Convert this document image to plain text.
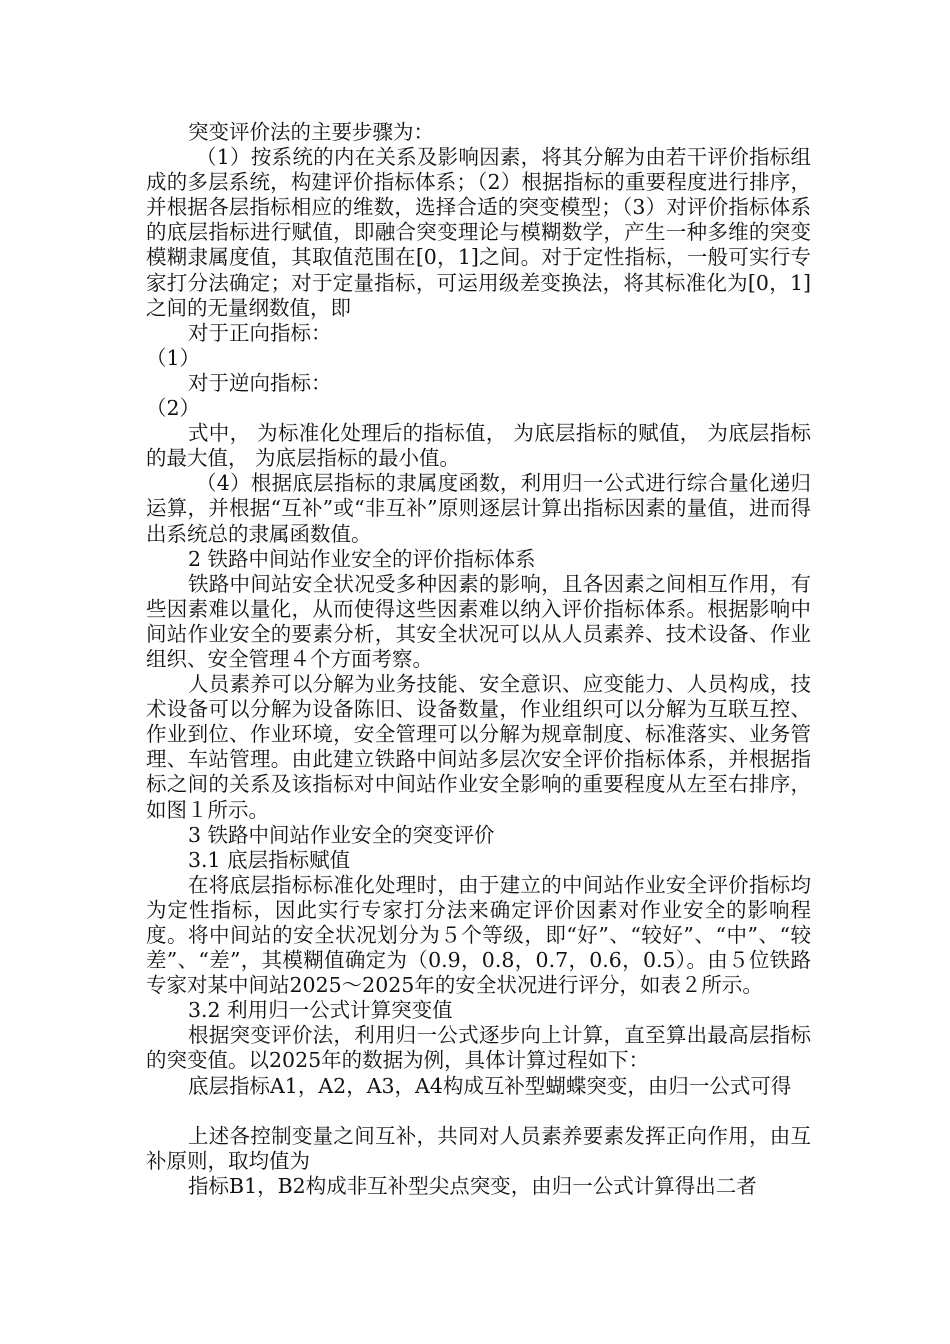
突变评价法的主要步骤为：

（1）按系统的内在关系及影响因素，将其分解为由若干评价指标组成的多层系统，构建评价指标体系；（2）根据指标的重要程度进行排序，并根据各层指标相应的维数，选择合适的突变模型；（3）对评价指标体系的底层指标进行赋值，即融合突变理论与模糊数学，产生一种多维的突变模糊隶属度值，其取值范围在[0，1]之间。对于定性指标，一般可实行专家打分法确定；对于定量指标，可运用级差变换法，将其标准化为[0，1]之间的无量纲数值，即

对于正向指标：

（1）

对于逆向指标：

（2）

式中， 为标准化处理后的指标值， 为底层指标的赋值， 为底层指标的最大值， 为底层指标的最小值。

（4）根据底层指标的隶属度函数，利用归一公式进行综合量化递归运算，并根据“互补”或“非互补”原则逐层计算出指标因素的量值，进而得出系统总的隶属函数值。

2 铁路中间站作业安全的评价指标体系

铁路中间站安全状况受多种因素的影响，且各因素之间相互作用，有些因素难以量化，从而使得这些因素难以纳入评价指标体系。根据影响中间站作业安全的要素分析，其安全状况可以从人员素养、技术设备、作业组织、安全管理４个方面考察。

人员素养可以分解为业务技能、安全意识、应变能力、人员构成，技术设备可以分解为设备陈旧、设备数量，作业组织可以分解为互联互控、作业到位、作业环境，安全管理可以分解为规章制度、标准落实、业务管理、车站管理。由此建立铁路中间站多层次安全评价指标体系，并根据指标之间的关系及该指标对中间站作业安全影响的重要程度从左至右排序，如图１所示。

3 铁路中间站作业安全的突变评价

3.1 底层指标赋值

在将底层指标标准化处理时，由于建立的中间站作业安全评价指标均为定性指标，因此实行专家打分法来确定评价因素对作业安全的影响程度。将中间站的安全状况划分为５个等级，即“好”、“较好”、“中”、“较差”、“差”，其模糊值确定为（0.9，0.8，0.7，0.6，0.5）。由５位铁路专家对某中间站2025～2025年的安全状况进行评分，如表２所示。

3.2 利用归一公式计算突变值

根据突变评价法，利用归一公式逐步向上计算，直至算出最高层指标的突变值。以2025年的数据为例，具体计算过程如下：

底层指标A1，A2，A3，A4构成互补型蝴蝶突变，由归一公式可得

上述各控制变量之间互补，共同对人员素养要素发挥正向作用，由互补原则，取均值为

指标B1，B2构成非互补型尖点突变，由归一公式计算得出二者
